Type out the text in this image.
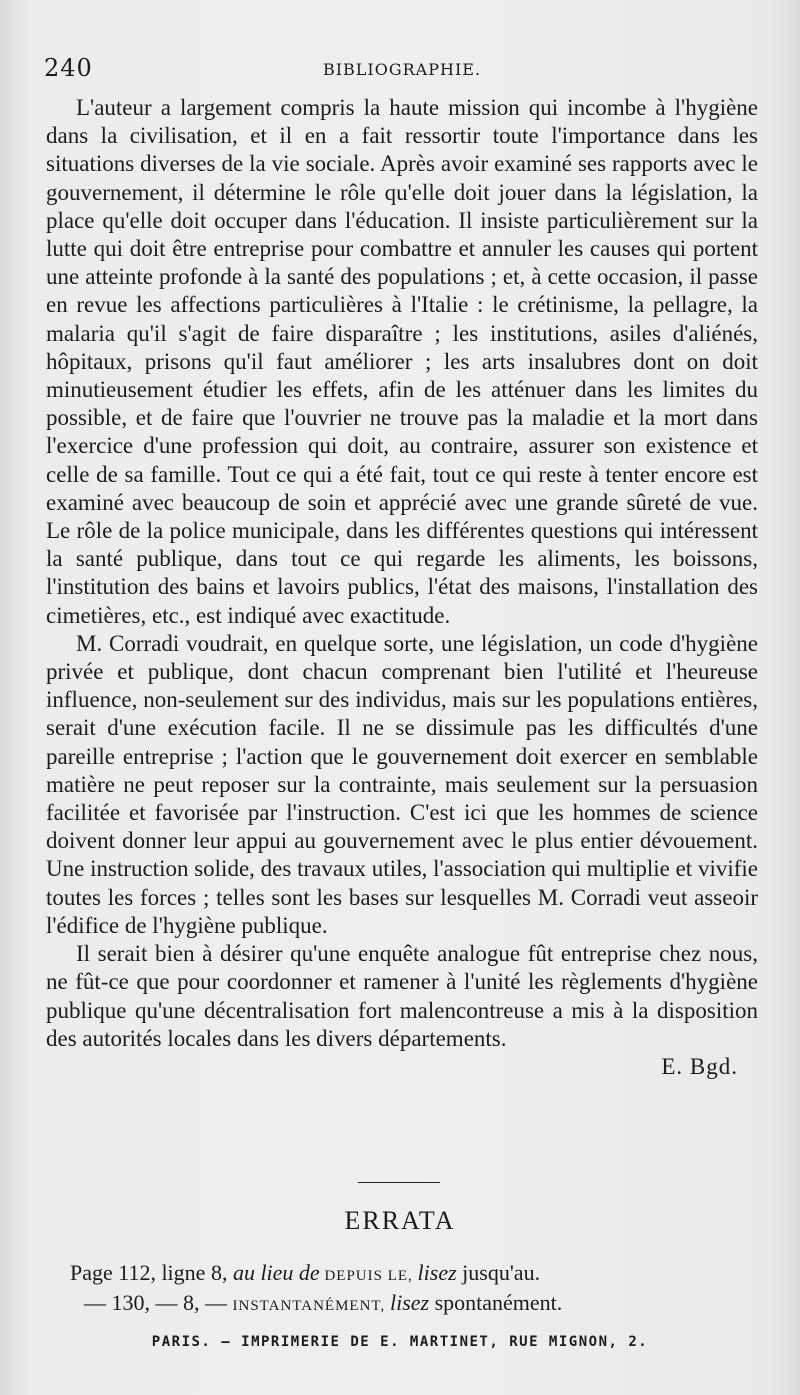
240	BIBLIOGRAPHIE.

L'auteur a largement compris la haute mission qui incombe à l'hygiène dans la civilisation, et il en a fait ressortir toute l'importance dans les situations diverses de la vie sociale. Après avoir examiné ses rapports avec le gouvernement, il détermine le rôle qu'elle doit jouer dans la législation, la place qu'elle doit occuper dans l'éducation. Il insiste particulièrement sur la lutte qui doit être entreprise pour combattre et annuler les causes qui portent une atteinte profonde à la santé des populations ; et, à cette occasion, il passe en revue les affections particulières à l'Italie : le crétinisme, la pellagre, la malaria qu'il s'agit de faire disparaître ; les institutions, asiles d'aliénés, hôpitaux, prisons qu'il faut améliorer ; les arts insalubres dont on doit minutieusement étudier les effets, afin de les atténuer dans les limites du possible, et de faire que l'ouvrier ne trouve pas la maladie et la mort dans l'exercice d'une profession qui doit, au contraire, assurer son existence et celle de sa famille. Tout ce qui a été fait, tout ce qui reste à tenter encore est examiné avec beaucoup de soin et apprécié avec une grande sûreté de vue. Le rôle de la police municipale, dans les différentes questions qui intéressent la santé publique, dans tout ce qui regarde les aliments, les boissons, l'institution des bains et lavoirs publics, l'état des maisons, l'installation des cimetières, etc., est indiqué avec exactitude.

M. Corradi voudrait, en quelque sorte, une législation, un code d'hygiène privée et publique, dont chacun comprenant bien l'utilité et l'heureuse influence, non-seulement sur des individus, mais sur les populations entières, serait d'une exécution facile. Il ne se dissimule pas les difficultés d'une pareille entreprise ; l'action que le gouvernement doit exercer en semblable matière ne peut reposer sur la contrainte, mais seulement sur la persuasion facilitée et favorisée par l'instruction. C'est ici que les hommes de science doivent donner leur appui au gouvernement avec le plus entier dévouement. Une instruction solide, des travaux utiles, l'association qui multiplie et vivifie toutes les forces ; telles sont les bases sur lesquelles M. Corradi veut asseoir l'édifice de l'hygiène publique.

Il serait bien à désirer qu'une enquête analogue fût entreprise chez nous, ne fût-ce que pour coordonner et ramener à l'unité les règlements d'hygiène publique qu'une décentralisation fort malencontreuse a mis à la disposition des autorités locales dans les divers départements.

E. Bgd.

ERRATA
Page 112, ligne 8, au lieu de DEPUIS LE, lisez jusqu'au.
— 130, — 8, — INSTANTANÉMENT, lisez spontanément.
PARIS. — IMPRIMERIE DE E. MARTINET, RUE MIGNON, 2.
